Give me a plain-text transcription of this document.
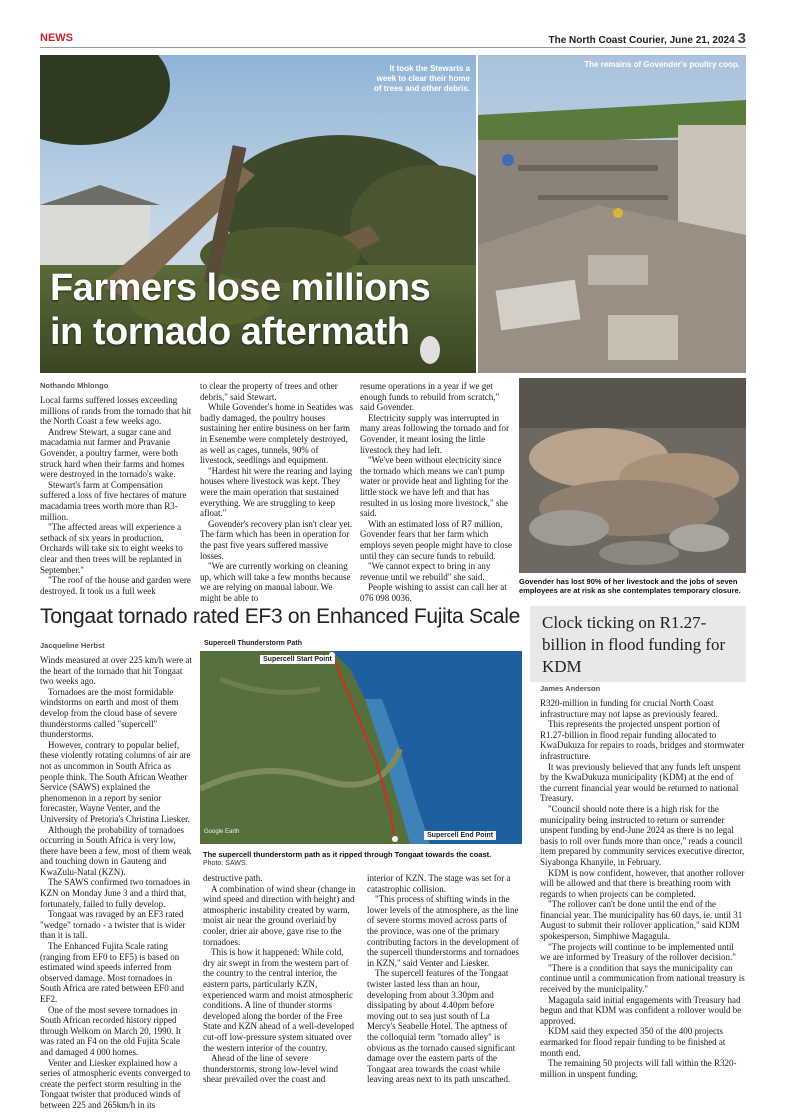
NEWS	The North Coast Courier, June 21, 2024 3
It took the Stewarts a
week to clear their home
of trees and other debris.
Farmers lose millions
in tornado aftermath
The remains of Govender's poultry coop.
Govender has lost 90% of her livestock and the jobs of seven
employees are at risk as she contemplates temporary closure.
Nothando Mhlongo

Local farms suffered losses exceeding millions of rands from the tornado that hit the North Coast a few weeks ago.

Andrew Stewart, a sugar cane and macadamia nut farmer and Pravanie Govender, a poultry farmer, were both struck hard when their farms and homes were destroyed in the tornado's wake.

Stewart's farm at Compensation suffered a loss of five hectares of mature macadamia trees worth more than R3-million.

"The affected areas will experience a setback of six years in production. Orchards will take six to eight weeks to clear and then trees will be replanted in September."

"The roof of the house and garden were destroyed. It took us a full week

to clear the property of trees and other debris," said Stewart.

While Govender's home in Seatides was badly damaged, the poultry houses sustaining her entire business on her farm in Esenembe were completely destroyed, as well as cages, tunnels, 90% of livestock, seedlings and equipment.

"Hardest hit were the rearing and laying houses where livestock was kept. They were the main operation that sustained everything. We are struggling to keep afloat."

Govender's recovery plan isn't clear yet. The farm which has been in operation for the past five years suffered massive losses.

"We are currently working on cleaning up, which will take a few months because we are relying on manual labour. We might be able to

resume operations in a year if we get enough funds to rebuild from scratch," said Govender.

Electricity supply was interrupted in many areas following the tornado and for Govender, it meant losing the little livestock they had left.

"We've been without electricity since the tornado which means we can't pump water or provide heat and lighting for the little stock we have left and that has resulted in us losing more livestock," she said.

With an estimated loss of R7 million, Govender fears that her farm which employs seven people might have to close until they can secure funds to rebuild.

"We cannot expect to bring in any revenue until we rebuild" she said.

People wishing to assist can call her at 076 098 0036.

Tongaat tornado rated EF3 on Enhanced Fujita Scale
Jacqueline Herbst	Supercell Thunderstorm Path
Supercell Start Point
Supercell End Point
Google Earth
The supercell thunderstorm path as it ripped through Tongaat towards the coast.
Photo: SAWS.

Winds measured at over 225 km/h were at the heart of the tornado that hit Tongaat two weeks ago.

Tornadoes are the most formidable windstorms on earth and most of them develop from the cloud base of severe thunderstorms called "supercell" thunderstorms.

However, contrary to popular belief, these violently rotating columns of air are not as uncommon in South Africa as people think. The South African Weather Service (SAWS) explained the phenomenon in a report by senior forecaster, Wayne Venter, and the University of Pretoria's Christina Liesker.

Although the probability of tornadoes occurring in South Africa is very low, there have been a few, most of them weak and touching down in Gauteng and KwaZulu-Natal (KZN).

The SAWS confirmed two tornadoes in KZN on Monday June 3 and a third that, fortunately, failed to fully develop.

Tongaat was ravaged by an EF3 rated "wedge" tornado - a twister that is wider than it is tall.

The Enhanced Fujita Scale rating (ranging from EF0 to EF5) is based on estimated wind speeds inferred from observed damage. Most tornadoes in South Africa are rated between EF0 and EF2.

One of the most severe tornadoes in South African recorded history ripped through Welkom on March 20, 1990. It was rated an F4 on the old Fujita Scale and damaged 4 000 homes.

Venter and Liesker explained how a series of atmospheric events converged to create the perfect storm resulting in the Tongaat twister that produced winds of between 225 and 265km/h in its

destructive path.

A combination of wind shear (change in wind speed and direction with height) and atmospheric instability created by warm, moist air near the ground overlaid by cooler, drier air above, gave rise to the tornadoes.

This is how it happened: While cold, dry air swept in from the western part of the country to the central interior, the eastern parts, particularly KZN, experienced warm and moist atmospheric conditions. A line of thunder storms developed along the border of the Free State and KZN ahead of a well-developed cut-off low-pressure system situated over the western interior of the country.

Ahead of the line of severe thunderstorms, strong low-level wind shear prevailed over the coast and

interior of KZN. The stage was set for a catastrophic collision.

"This process of shifting winds in the lower levels of the atmosphere, as the line of severe storms moved across parts of the province, was one of the primary contributing factors in the development of the supercell thunderstorms and tornadoes in KZN," said Venter and Liesker.

The supercell features of the Tongaat twister lasted less than an hour, developing from about 3.30pm and dissipating by about 4.40pm before moving out to sea just south of La Mercy's Seabelle Hotel. The aptness of the colloquial term "tornado alley" is obvious as the tornado caused significant damage over the eastern parts of the Tongaat area towards the coast while leaving areas next to its path unscathed.

Clock ticking on R1.27-billion in flood funding for KDM
James Anderson

R320-million in funding for crucial North Coast infrastructure may not lapse as previously feared.

This represents the projected unspent portion of R1.27-billion in flood repair funding allocated to KwaDukuza for repairs to roads, bridges and stormwater infrastructure.

It was previously believed that any funds left unspent by the KwaDukuza municipality (KDM) at the end of the current financial year would be returned to national Treasury.

"Council should note there is a high risk for the municipality being instructed to return or surrender unspent funding by end-June 2024 as there is no legal basis to roll over funds more than once," reads a council item prepared by community services executive director, Siyabonga Khanyile, in February.

KDM is now confident, however, that another rollover will be allowed and that there is breathing room with regards to when projects can be completed.

"The rollover can't be done until the end of the financial year. The municipality has 60 days, ie. until 31 August to submit their rollover application," said KDM spokesperson, Simphiwe Magagula.

"The projects will continue to be implemented until we are informed by Treasury of the rollover decision."

"There is a condition that says the municipality can continue until a communication from national treasury is received by the municipality."

Magagula said initial engagements with Treasury had begun and that KDM was confident a rollover would be approved.

KDM said they expected 350 of the 400 projects earmarked for flood repair funding to be finished at month end.

The remaining 50 projects will fall within the R320-million in unspent funding.
